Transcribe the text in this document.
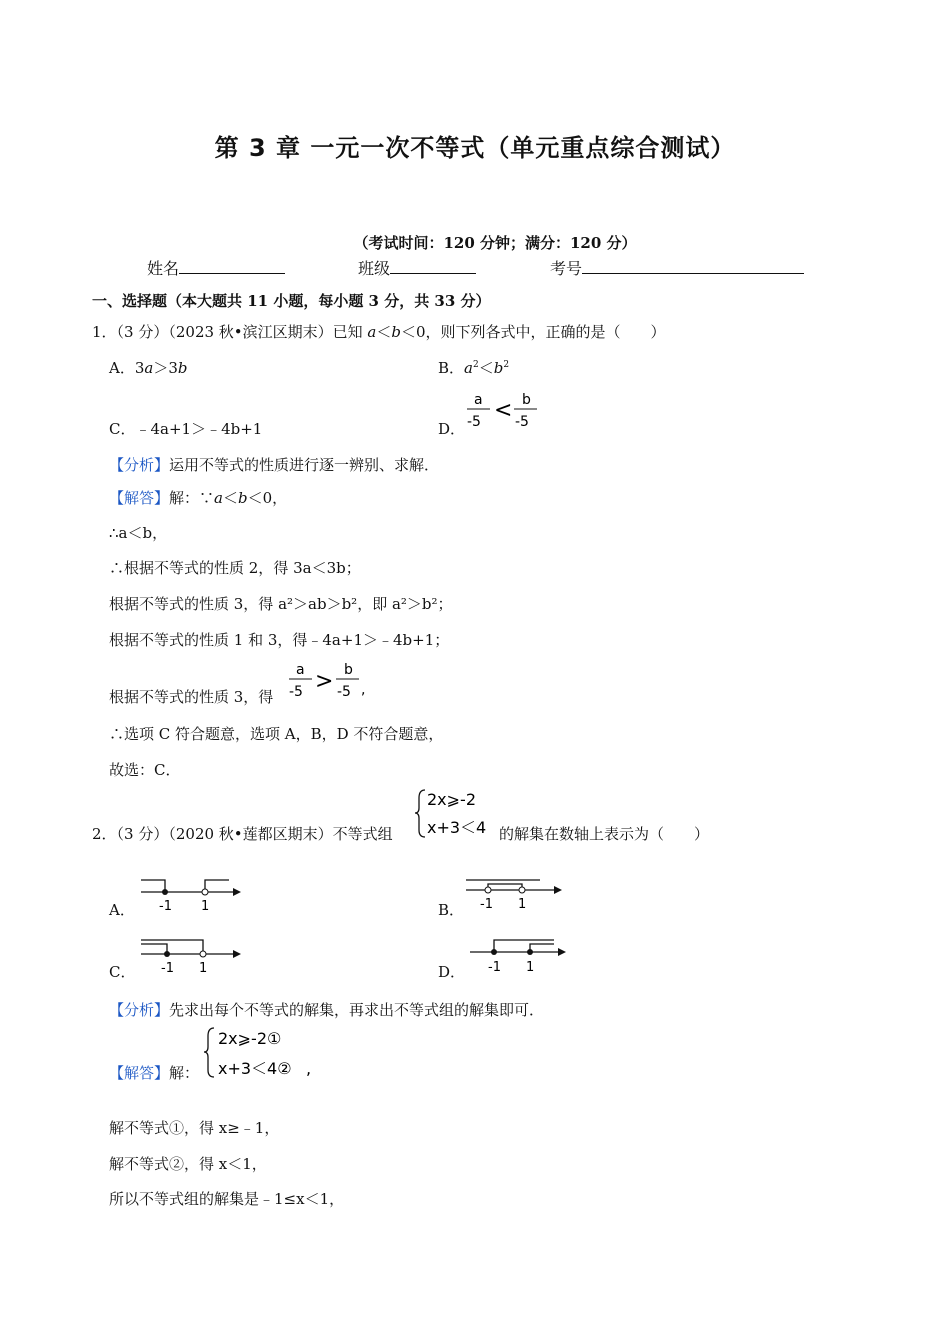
第 3 章 一元一次不等式（单元重点综合测试）
（考试时间：120 分钟；满分：120 分）
姓名	班级	考号
一、选择题（本大题共 11 小题，每小题 3 分，共 33 分）
1．（3 分）（2023 秋•滨江区期末）已知 a＜b＜0，则下列各式中，正确的是（　　）
A．3a＞3b	B．$a^2<b^2$
C．﹣4a+1＞﹣4b+1	D．
a
-5 < b
-5
【分析】运用不等式的性质进行逐一辨别、求解．
【解答】解：∵a＜b＜0，
∴a＜b，
∴根据不等式的性质 2，得 3a＜3b；
根据不等式的性质 3，得 a²＞ab＞b²，即 a²＞b²；
根据不等式的性质 1 和 3，得﹣4a+1＞﹣4b+1；
根据不等式的性质 3，得
a
-5 > b
-5 ,
∴选项 C 符合题意，选项 A，B，D 不符合题意，
故选：C．
2．（3 分）（2020 秋•莲都区期末）不等式组
2x⩾-2
x+3＜4 的解集在数轴上表示为（　　）
A． -1 1	B． -1 1
C． -1 1	D． -1 1
【分析】先求出每个不等式的解集，再求出不等式组的解集即可．
【解答】解：
2x⩾-2①
x+3＜4② ,
解不等式①，得 x≥﹣1，
解不等式②，得 x＜1，
所以不等式组的解集是﹣1≤x＜1，
